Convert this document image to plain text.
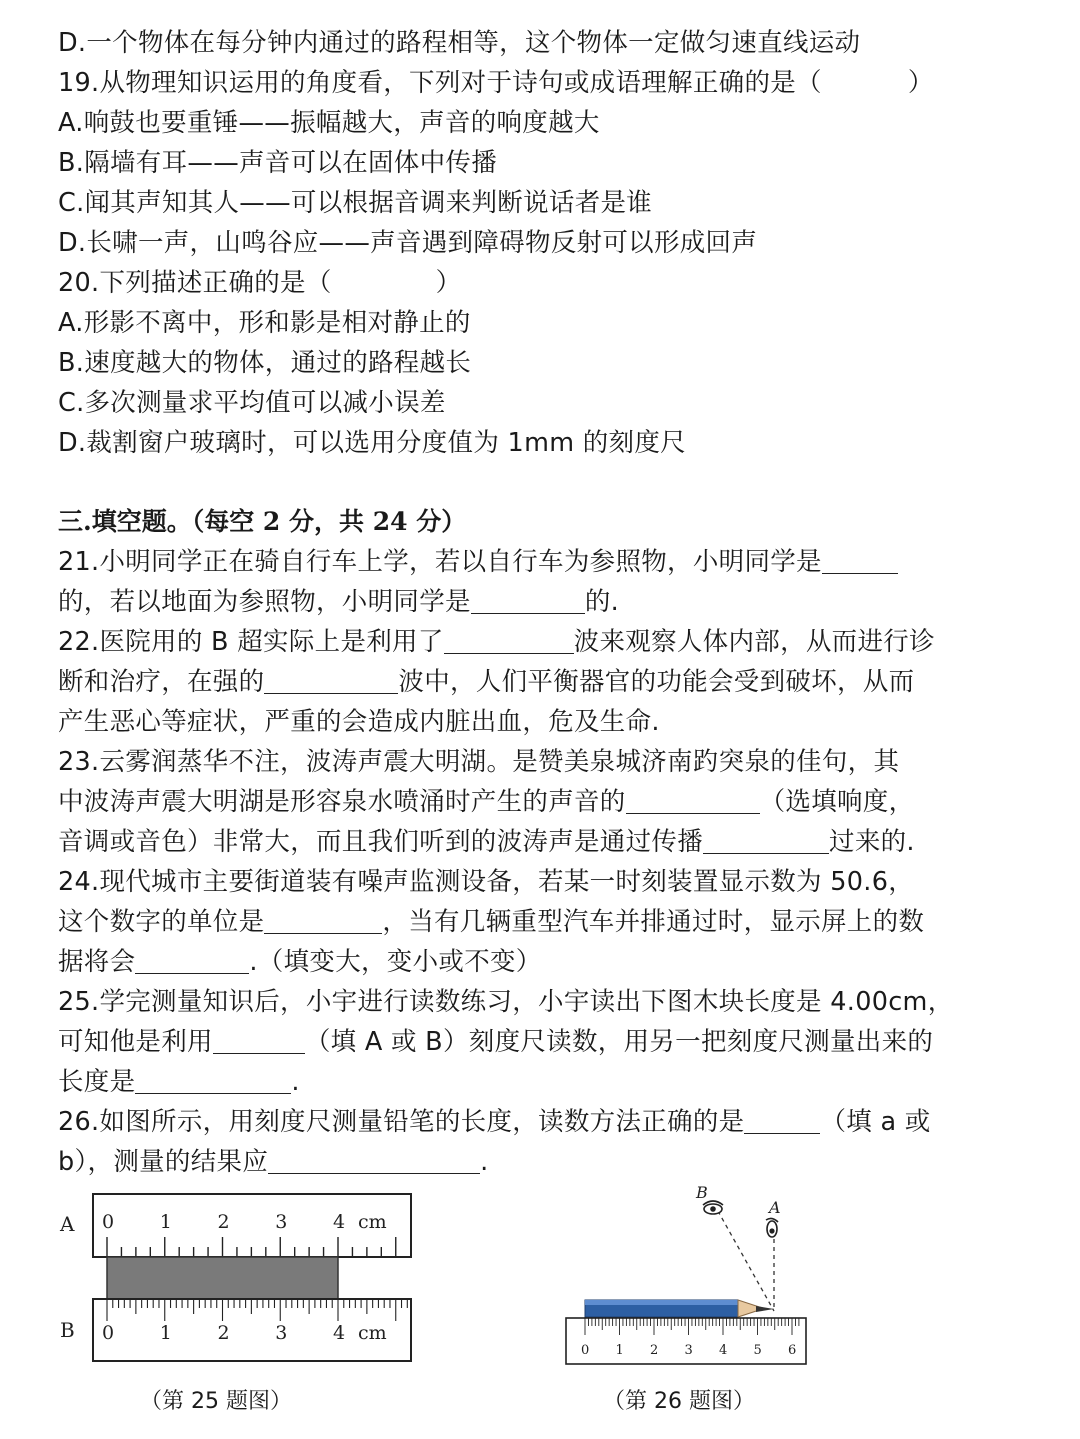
D.一个物体在每分钟内通过的路程相等，这个物体一定做匀速直线运动

19.从物理知识运用的角度看，下列对于诗句或成语理解正确的是（	）

A.响鼓也要重锤——振幅越大，声音的响度越大

B.隔墙有耳——声音可以在固体中传播

C.闻其声知其人——可以根据音调来判断说话者是谁

D.长啸一声，山鸣谷应——声音遇到障碍物反射可以形成回声

20.下列描述正确的是（	）

A.形影不离中，形和影是相对静止的

B.速度越大的物体，通过的路程越长

C.多次测量求平均值可以减小误差

D.裁割窗户玻璃时，可以选用分度值为 1mm 的刻度尺

三.填空题。（每空 2 分，共 24 分）

21.小明同学正在骑自行车上学，若以自行车为参照物，小明同学是

的，若以地面为参照物，小明同学是	的.

22.医院用的 B 超实际上是利用了	波来观察人体内部，从而进行诊

断和治疗，在强的	波中，人们平衡器官的功能会受到破坏，从而

产生恶心等症状，严重的会造成内脏出血，危及生命.

23.云雾润蒸华不注，波涛声震大明湖。是赞美泉城济南趵突泉的佳句，其

中波涛声震大明湖是形容泉水喷涌时产生的声音的	（选填响度，

音调或音色）非常大，而且我们听到的波涛声是通过传播	过来的.

24.现代城市主要街道装有噪声监测设备，若某一时刻装置显示数为 50.6，

这个数字的单位是	，当有几辆重型汽车并排通过时，显示屏上的数

据将会	.（填变大，变小或不变）

25.学完测量知识后，小宇进行读数练习，小宇读出下图木块长度是 4.00cm，

可知他是利用	（填 A 或 B）刻度尺读数，用另一把刻度尺测量出来的

长度是	.

26.如图所示，用刻度尺测量铅笔的长度，读数方法正确的是	（填 a 或

b），测量的结果应	.

A 0 1 2 3 4 cm
B 0 1 2 3 4 cm
（第 25 题图）
B
A
0 1 2 3 4 5 6
（第 26 题图）
